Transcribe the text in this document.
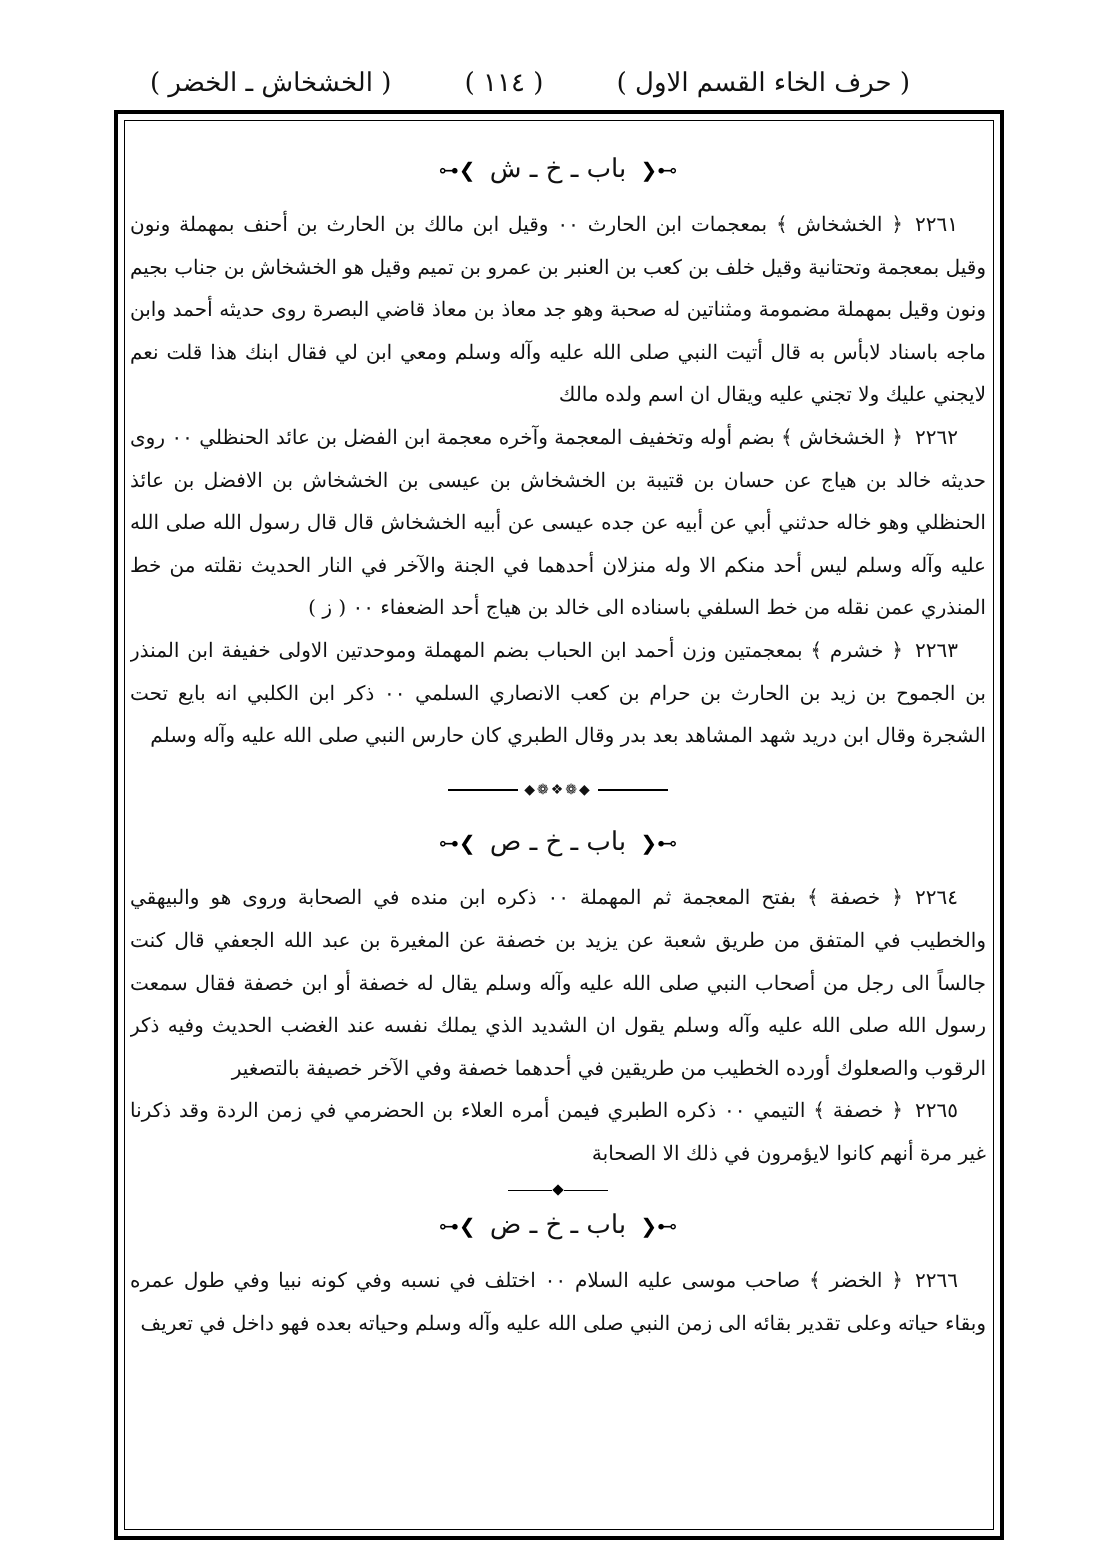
( حرف الخاء القسم الاول )
( ١١٤ )
( الخشخاش ـ الخضر )
⊶❮ باب ـ خ ـ ش ❯⊷

٢٢٦١﴿ الخشخاش ﴾ بمعجمات ابن الحارث ٠٠ وقيل ابن مالك بن الحارث بن أحنف بمهملة ونون وقيل بمعجمة وتحتانية وقيل خلف بن كعب بن العنبر بن عمرو بن تميم وقيل هو الخشخاش بن جناب بجيم ونون وقيل بمهملة مضمومة ومثناتين له صحبة وهو جد معاذ بن معاذ قاضي البصرة روى حديثه أحمد وابن ماجه باسناد لابأس به قال أتيت النبي صلى الله عليه وآله وسلم ومعي ابن لي فقال ابنك هذا قلت نعم لايجني عليك ولا تجني عليه ويقال ان اسم ولده مالك

٢٢٦٢﴿ الخشخاش ﴾ بضم أوله وتخفيف المعجمة وآخره معجمة ابن الفضل بن عائد الحنظلي ٠٠ روى حديثه خالد بن هياج عن حسان بن قتيبة بن الخشخاش بن عيسى بن الخشخاش بن الافضل بن عائذ الحنظلي وهو خاله حدثني أبي عن أبيه عن جده عيسى عن أبيه الخشخاش قال قال رسول الله صلى الله عليه وآله وسلم ليس أحد منكم الا وله منزلان أحدهما في الجنة والآخر في النار الحديث نقلته من خط المنذري عمن نقله من خط السلفي باسناده الى خالد بن هياج أحد الضعفاء ٠٠ ( ز )

٢٢٦٣﴿ خشرم ﴾ بمعجمتين وزن أحمد ابن الحباب بضم المهملة وموحدتين الاولى خفيفة ابن المنذر بن الجموح بن زيد بن الحارث بن حرام بن كعب الانصاري السلمي ٠٠ ذكر ابن الكلبي انه بايع تحت الشجرة وقال ابن دريد شهد المشاهد بعد بدر وقال الطبري كان حارس النبي صلى الله عليه وآله وسلم

◆❁❖❁◆
⊶❮ باب ـ خ ـ ص ❯⊷

٢٢٦٤﴿ خصفة ﴾ بفتح المعجمة ثم المهملة ٠٠ ذكره ابن منده في الصحابة وروى هو والبيهقي والخطيب في المتفق من طريق شعبة عن يزيد بن خصفة عن المغيرة بن عبد الله الجعفي قال كنت جالساً الى رجل من أصحاب النبي صلى الله عليه وآله وسلم يقال له خصفة أو ابن خصفة فقال سمعت رسول الله صلى الله عليه وآله وسلم يقول ان الشديد الذي يملك نفسه عند الغضب الحديث وفيه ذكر الرقوب والصعلوك أورده الخطيب من طريقين في أحدهما خصفة وفي الآخر خصيفة بالتصغير

٢٢٦٥﴿ خصفة ﴾ التيمي ٠٠ ذكره الطبري فيمن أمره العلاء بن الحضرمي في زمن الردة وقد ذكرنا غير مرة أنهم كانوا لايؤمرون في ذلك الا الصحابة

⊶❮ باب ـ خ ـ ض ❯⊷

٢٢٦٦﴿ الخضر ﴾ صاحب موسى عليه السلام ٠٠ اختلف في نسبه وفي كونه نبيا وفي طول عمره وبقاء حياته وعلى تقدير بقائه الى زمن النبي صلى الله عليه وآله وسلم وحياته بعده فهو داخل في تعريف
